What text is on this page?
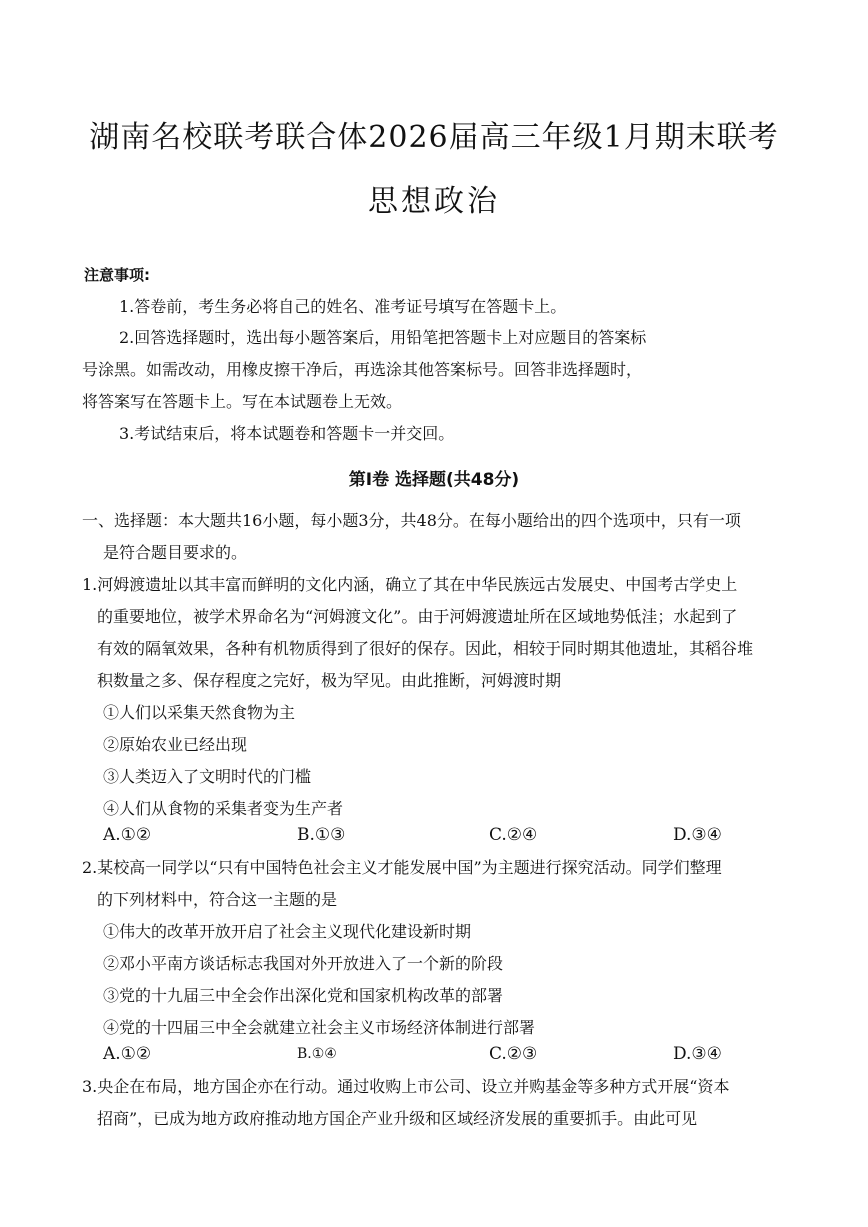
湖南名校联考联合体2026届高三年级1月期末联考
思想政治
注意事项:
1.答卷前，考生务必将自己的姓名、准考证号填写在答题卡上。
2.回答选择题时，选出每小题答案后，用铅笔把答题卡上对应题目的答案标
号涂黑。如需改动，用橡皮擦干净后，再选涂其他答案标号。回答非选择题时，
将答案写在答题卡上。写在本试题卷上无效。
3.考试结束后，将本试题卷和答题卡一并交回。
第Ⅰ卷 选择题(共48分)
一、选择题：本大题共16小题，每小题3分，共48分。在每小题给出的四个选项中，只有一项
是符合题目要求的。
1.河姆渡遗址以其丰富而鲜明的文化内涵，确立了其在中华民族远古发展史、中国考古学史上
的重要地位，被学术界命名为“河姆渡文化”。由于河姆渡遗址所在区域地势低洼；水起到了
有效的隔氧效果，各种有机物质得到了很好的保存。因此，相较于同时期其他遗址，其稻谷堆
积数量之多、保存程度之完好，极为罕见。由此推断，河姆渡时期
①人们以采集天然食物为主
②原始农业已经出现
③人类迈入了文明时代的门槛
④人们从食物的采集者变为生产者
A.①②	B.①③	C.②④	D.③④
2.某校高一同学以“只有中国特色社会主义才能发展中国”为主题进行探究活动。同学们整理
的下列材料中，符合这一主题的是
①伟大的改革开放开启了社会主义现代化建设新时期
②邓小平南方谈话标志我国对外开放进入了一个新的阶段
③党的十九届三中全会作出深化党和国家机构改革的部署
④党的十四届三中全会就建立社会主义市场经济体制进行部署
A.①②	B.①④	C.②③	D.③④
3.央企在布局，地方国企亦在行动。通过收购上市公司、设立并购基金等多种方式开展“资本
招商”，已成为地方政府推动地方国企产业升级和区域经济发展的重要抓手。由此可见
